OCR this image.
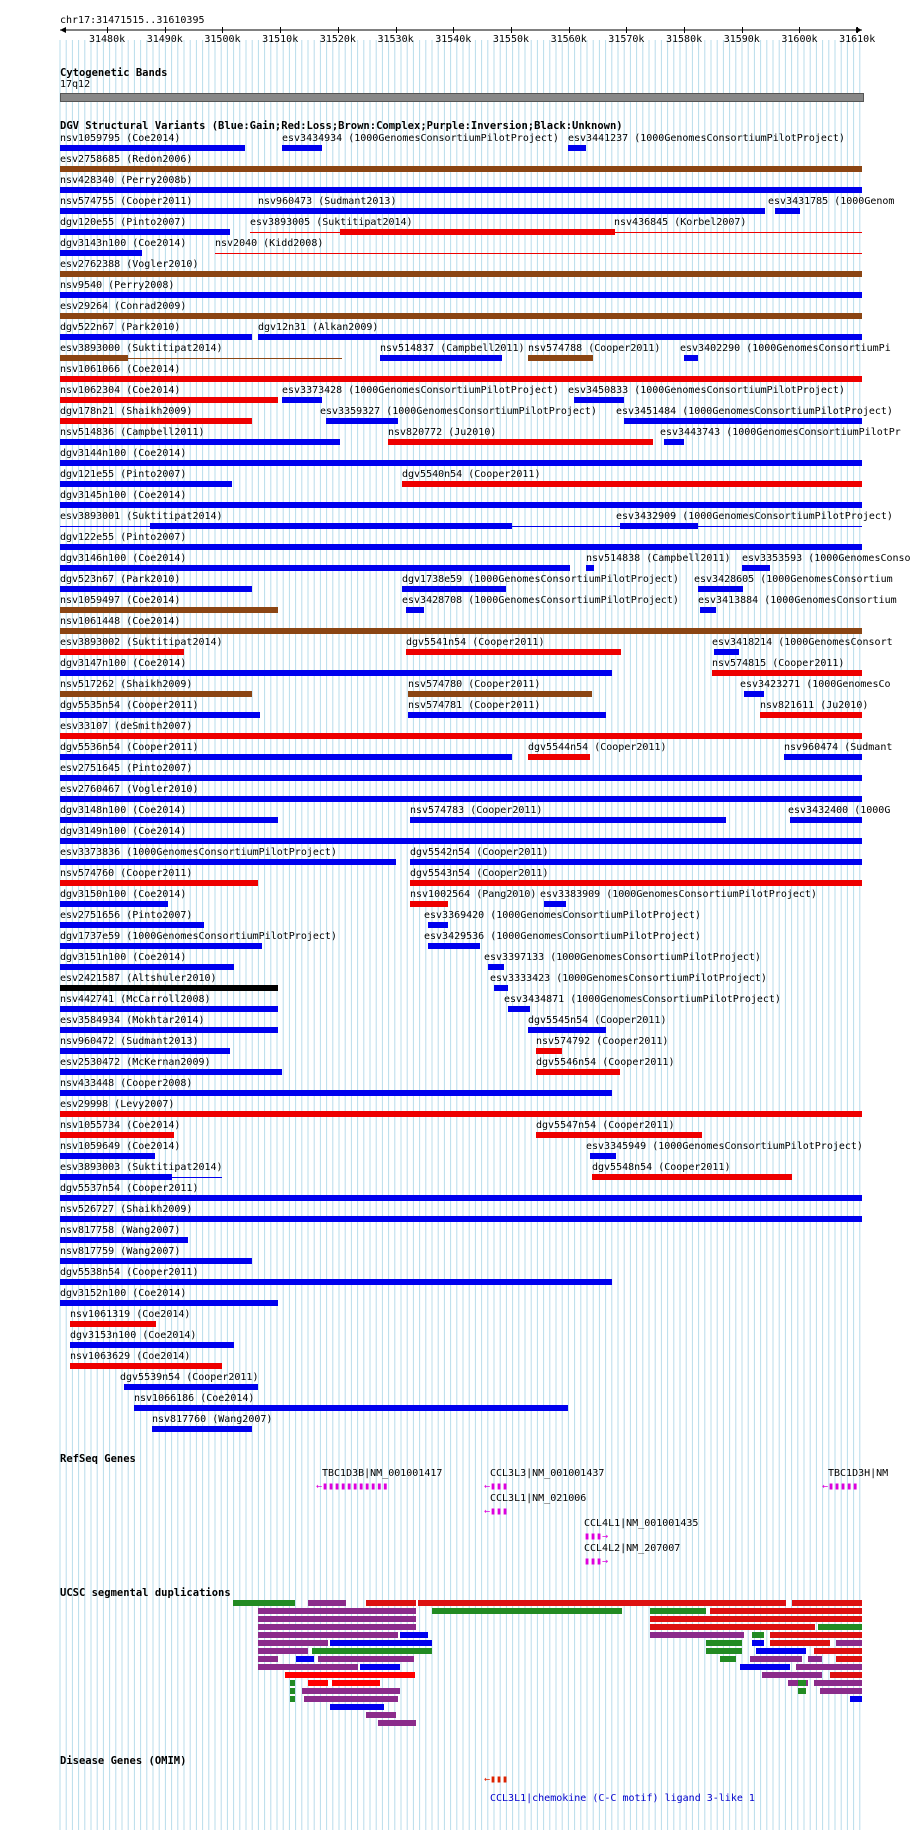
chr17:31471515..31610395
31480k 31490k 31500k 31510k 31520k 31530k 31540k 31550k 31560k 31570k 31580k 31590k 31600k 31610k
Cytogenetic Bands
17q12
DGV Structural Variants (Blue:Gain;Red:Loss;Brown:Complex;Purple:Inversion;Black:Unknown)
nsv1059795 (Coe2014)	esv3434934 (1000GenomesConsortiumPilotProject) esv3441237 (1000GenomesConsortiumPilotProject)
esv2758685 (Redon2006)
nsv428340 (Perry2008b)
nsv574755 (Cooper2011)	nsv960473 (Sudmant2013)	esv3431785 (1000Genom
dgv120e55 (Pinto2007)	esv3893005 (Suktitipat2014)	nsv436845 (Korbel2007)
dgv3143n100 (Coe2014)	nsv2040 (Kidd2008)
esv2762388 (Vogler2010)
nsv9540 (Perry2008)
esv29264 (Conrad2009)
dgv522n67 (Park2010)	dgv12n31 (Alkan2009)
esv3893000 (Suktitipat2014)	nsv514837 (Campbell2011) nsv574788 (Cooper2011) esv3402290 (1000GenomesConsortiumPi
nsv1061066 (Coe2014)
nsv1062304 (Coe2014)	esv3373428 (1000GenomesConsortiumPilotProject) esv3450833 (1000GenomesConsortiumPilotProject)
dgv178n21 (Shaikh2009)	esv3359327 (1000GenomesConsortiumPilotProject) esv3451484 (1000GenomesConsortiumPilotProject)
nsv514836 (Campbell2011)	nsv820772 (Ju2010)	esv3443743 (1000GenomesConsortiumPilotPr
dgv3144n100 (Coe2014)
dgv121e55 (Pinto2007)	dgv5540n54 (Cooper2011)
dgv3145n100 (Coe2014)
esv3893001 (Suktitipat2014)	esv3432909 (1000GenomesConsortiumPilotProject)
dgv122e55 (Pinto2007)
dgv3146n100 (Coe2014)	nsv514838 (Campbell2011) esv3353593 (1000GenomesConso
dgv523n67 (Park2010)	dgv1738e59 (1000GenomesConsortiumPilotProject) esv3428605 (1000GenomesConsortium
nsv1059497 (Coe2014)	esv3428708 (1000GenomesConsortiumPilotProject) esv3413884 (1000GenomesConsortium
nsv1061448 (Coe2014)
esv3893002 (Suktitipat2014)	dgv5541n54 (Cooper2011)	esv3418214 (1000GenomesConsort
dgv3147n100 (Coe2014)	nsv574815 (Cooper2011)
nsv517262 (Shaikh2009)	nsv574780 (Cooper2011)	esv3423271 (1000GenomesCo
dgv5535n54 (Cooper2011)	nsv574781 (Cooper2011)	nsv821611 (Ju2010)
esv33107 (deSmith2007)
dgv5536n54 (Cooper2011)	dgv5544n54 (Cooper2011)	nsv960474 (Sudmant
esv2751645 (Pinto2007)
esv2760467 (Vogler2010)
dgv3148n100 (Coe2014)	nsv574783 (Cooper2011)	esv3432400 (1000G
dgv3149n100 (Coe2014)
esv3373836 (1000GenomesConsortiumPilotProject)	dgv5542n54 (Cooper2011)
nsv574760 (Cooper2011)	dgv5543n54 (Cooper2011)
dgv3150n100 (Coe2014)	nsv1002564 (Pang2010) esv3383909 (1000GenomesConsortiumPilotProject)
esv2751656 (Pinto2007)	esv3369420 (1000GenomesConsortiumPilotProject)
dgv1737e59 (1000GenomesConsortiumPilotProject)	esv3429536 (1000GenomesConsortiumPilotProject)
dgv3151n100 (Coe2014)	esv3397133 (1000GenomesConsortiumPilotProject)
esv2421587 (Altshuler2010)	esv3333423 (1000GenomesConsortiumPilotProject)
nsv442741 (McCarroll2008)	esv3434871 (1000GenomesConsortiumPilotProject)
esv3584934 (Mokhtar2014)	dgv5545n54 (Cooper2011)
nsv960472 (Sudmant2013)	nsv574792 (Cooper2011)
esv2530472 (McKernan2009)	dgv5546n54 (Cooper2011)
nsv433448 (Cooper2008)
esv29998 (Levy2007)
nsv1055734 (Coe2014)	dgv5547n54 (Cooper2011)
nsv1059649 (Coe2014)	esv3345949 (1000GenomesConsortiumPilotProject)
esv3893003 (Suktitipat2014)	dgv5548n54 (Cooper2011)
dgv5537n54 (Cooper2011)
nsv526727 (Shaikh2009)
nsv817758 (Wang2007)
nsv817759 (Wang2007)
dgv5538n54 (Cooper2011)
dgv3152n100 (Coe2014)
nsv1061319 (Coe2014)
dgv3153n100 (Coe2014)
nsv1063629 (Coe2014)
dgv5539n54 (Cooper2011)
nsv1066186 (Coe2014)
nsv817760 (Wang2007)
RefSeq Genes
TBC1D3B|NM_001001417
←▮▮▮▮▮▮▮▮▮▮▮
CCL3L3|NM_001001437
←▮▮▮
TBC1D3H|NM
←▮▮▮▮▮
CCL3L1|NM_021006
←▮▮▮
CCL4L1|NM_001001435
▮▮▮→
CCL4L2|NM_207007
▮▮▮→
UCSC segmental duplications
Disease Genes (OMIM)
←▮▮▮
CCL3L1|chemokine (C-C motif) ligand 3-like 1
